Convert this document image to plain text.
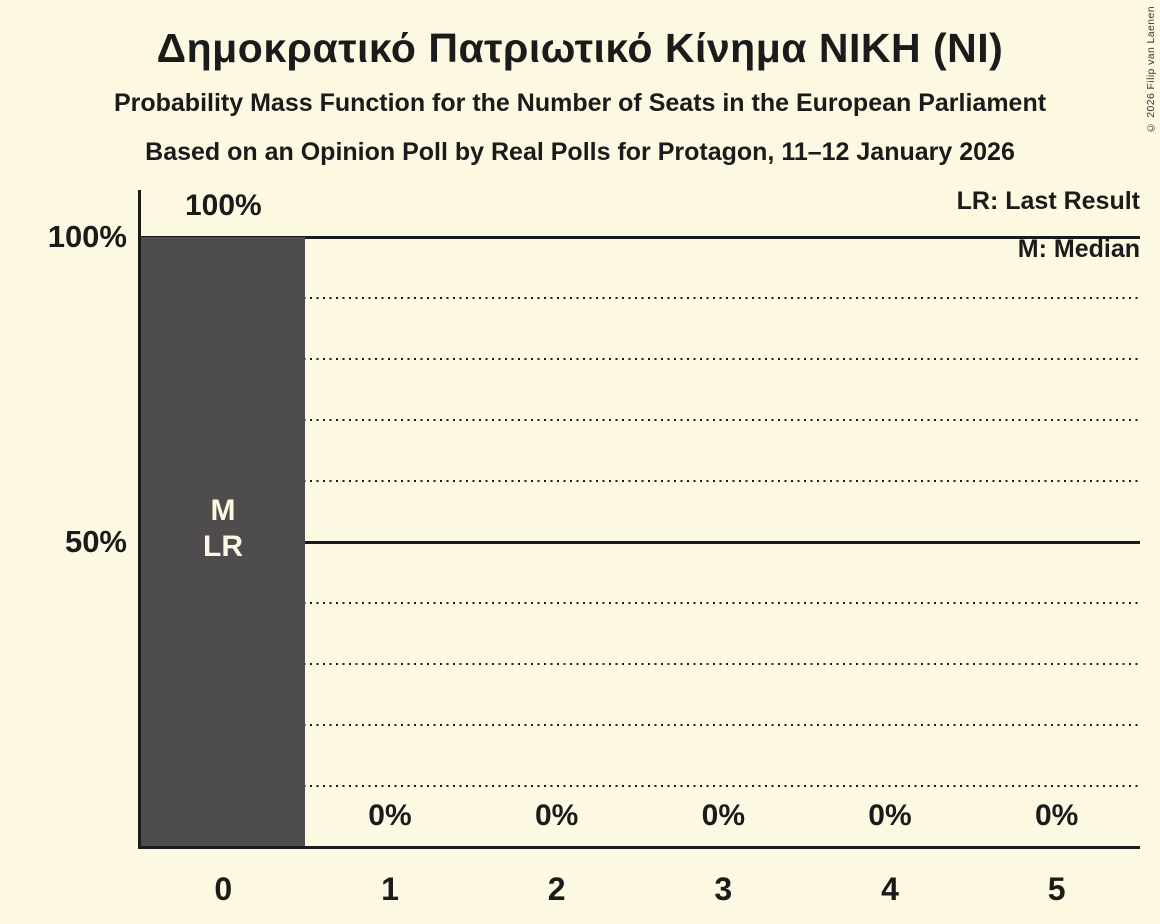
Δημοκρατικό Πατριωτικό Κίνημα ΝΙΚΗ (ΝΙ)
Probability Mass Function for the Number of Seats in the European Parliament
Based on an Opinion Poll by Real Polls for Protagon, 11–12 January 2026
© 2026 Filip van Laenen
LR: Last Result
M: Median
100%
50%
100%
0
0%
1
0%
2
0%
3
0%
4
0%
5
M
LR
